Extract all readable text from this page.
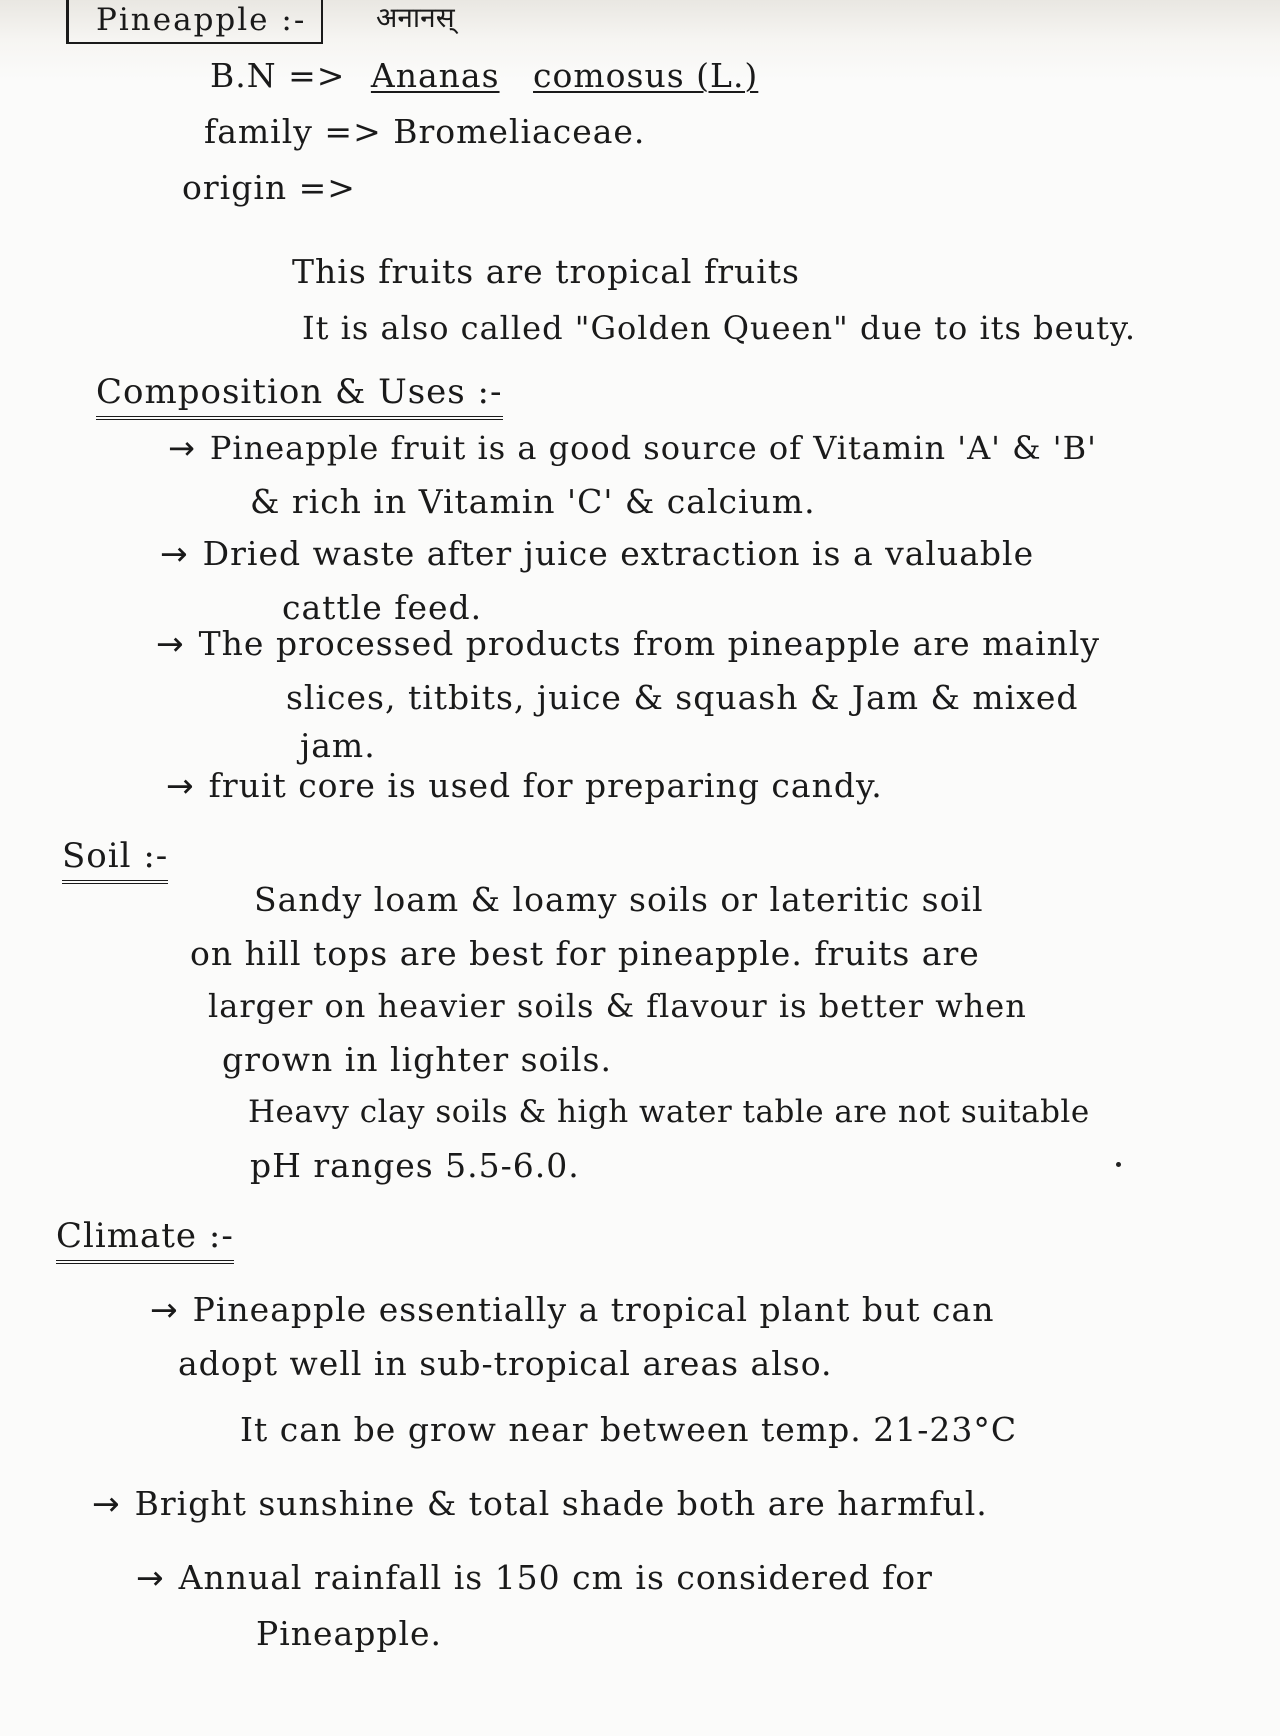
Pineapple :- अनानस्
B.N => Ananas comosus (L.)
family => Bromeliaceae.
origin =>
This fruits are tropical fruits
It is also called "Golden Queen" due to its beuty.
Composition & Uses :-
→ Pineapple fruit is a good source of Vitamin 'A' & 'B'
& rich in Vitamin 'C' & calcium.
→ Dried waste after juice extraction is a valuable
cattle feed.
→ The processed products from pineapple are mainly
slices, titbits, juice & squash & Jam & mixed
jam.
→ fruit core is used for preparing candy.
Soil :-
Sandy loam & loamy soils or lateritic soil
on hill tops are best for pineapple. fruits are
larger on heavier soils & flavour is better when
grown in lighter soils.
Heavy clay soils & high water table are not suitable
pH ranges 5.5-6.0.
Climate :-
→ Pineapple essentially a tropical plant but can
adopt well in sub-tropical areas also.
It can be grow near between temp. 21-23°C
→ Bright sunshine & total shade both are harmful.
→ Annual rainfall is 150 cm is considered for
Pineapple.
